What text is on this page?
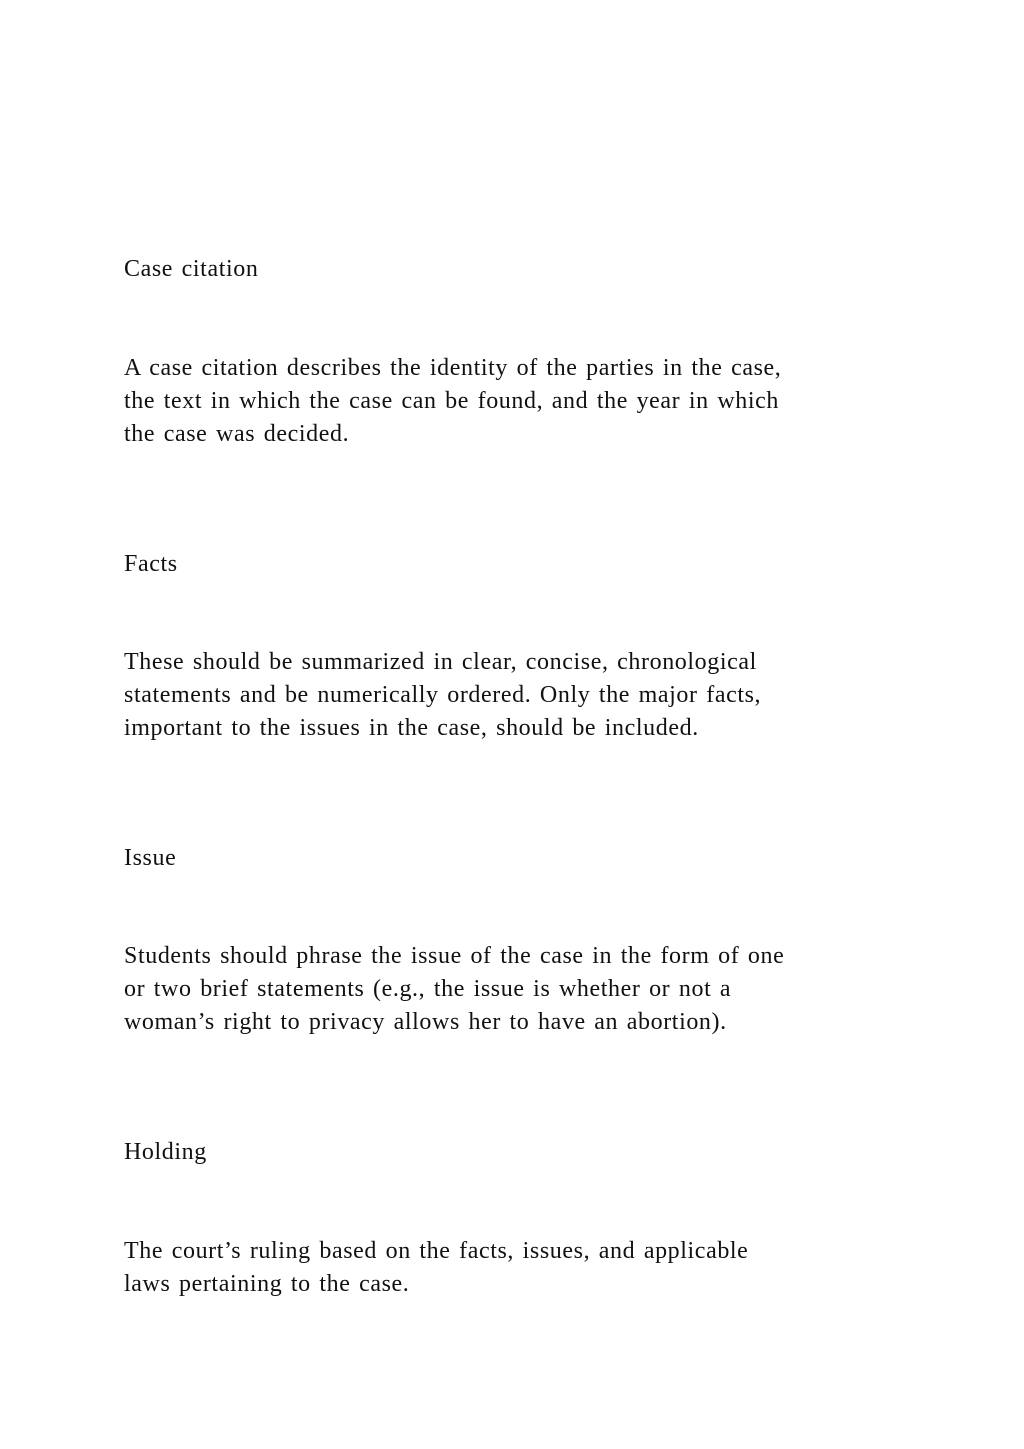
Case citation
A case citation describes the identity of the parties in the case,
the text in which the case can be found, and the year in which
the case was decided.
Facts
These should be summarized in clear, concise, chronological
statements and be numerically ordered. Only the major facts,
important to the issues in the case, should be included.
Issue
Students should phrase the issue of the case in the form of one
or two brief statements (e.g., the issue is whether or not a
woman’s right to privacy allows her to have an abortion).
Holding
The court’s ruling based on the facts, issues, and applicable
laws pertaining to the case.
